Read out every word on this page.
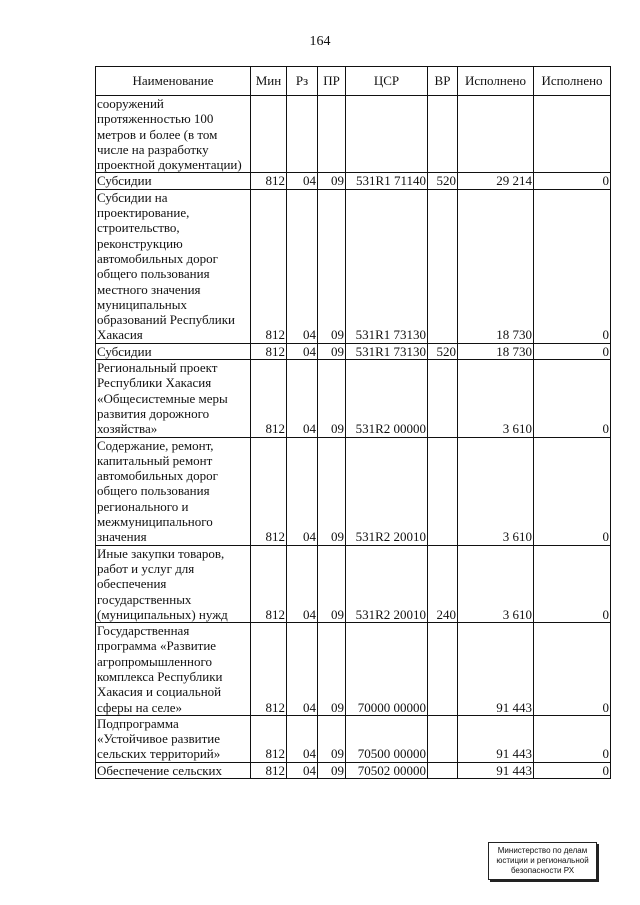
164
Наименование	Мин	Рз	ПР	ЦСР	ВР	Исполнено	Исполнено
сооружений протяженностью 100 метров и более (в том числе на разработку проектной документации)							
Субсидии	812	04	09	531R1 71140	520	29 214	0
Субсидии на проектирование, строительство, реконструкцию автомобильных дорог общего пользования местного значения муниципальных образований Республики Хакасия	812	04	09	531R1 73130		18 730	0
Субсидии	812	04	09	531R1 73130	520	18 730	0
Региональный проект Республики Хакасия «Общесистемные меры развития дорожного хозяйства»	812	04	09	531R2 00000		3 610	0
Содержание, ремонт, капитальный ремонт автомобильных дорог общего пользования регионального и межмуниципального значения	812	04	09	531R2 20010		3 610	0
Иные закупки товаров, работ и услуг для обеспечения государственных (муниципальных) нужд	812	04	09	531R2 20010	240	3 610	0
Государственная программа «Развитие агропромышленного комплекса Республики Хакасия и социальной сферы на селе»	812	04	09	70000 00000		91 443	0
Подпрограмма «Устойчивое развитие сельских территорий»	812	04	09	70500 00000		91 443	0
Обеспечение сельских	812	04	09	70502 00000		91 443	0
Министерство по делам
юстиции и региональной
безопасности РХ
